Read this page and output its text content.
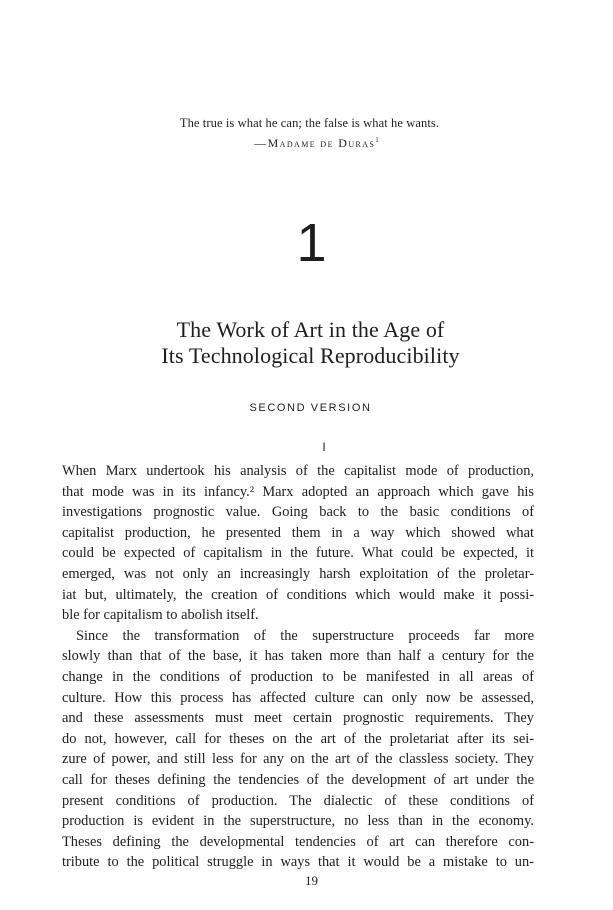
The true is what he can; the false is what he wants.
—Madame de Duras$^1$
1
The Work of Art in the Age of
Its Technological Reproducibility
SECOND VERSION
I
When Marx undertook his analysis of the capitalist mode of production,
that mode was in its infancy.² Marx adopted an approach which gave his
investigations prognostic value. Going back to the basic conditions of
capitalist production, he presented them in a way which showed what
could be expected of capitalism in the future. What could be expected, it
emerged, was not only an increasingly harsh exploitation of the proletar-
iat but, ultimately, the creation of conditions which would make it possi-
ble for capitalism to abolish itself.
Since the transformation of the superstructure proceeds far more
slowly than that of the base, it has taken more than half a century for the
change in the conditions of production to be manifested in all areas of
culture. How this process has affected culture can only now be assessed,
and these assessments must meet certain prognostic requirements. They
do not, however, call for theses on the art of the proletariat after its sei-
zure of power, and still less for any on the art of the classless society. They
call for theses defining the tendencies of the development of art under the
present conditions of production. The dialectic of these conditions of
production is evident in the superstructure, no less than in the economy.
Theses defining the developmental tendencies of art can therefore con-
tribute to the political struggle in ways that it would be a mistake to un-
19
